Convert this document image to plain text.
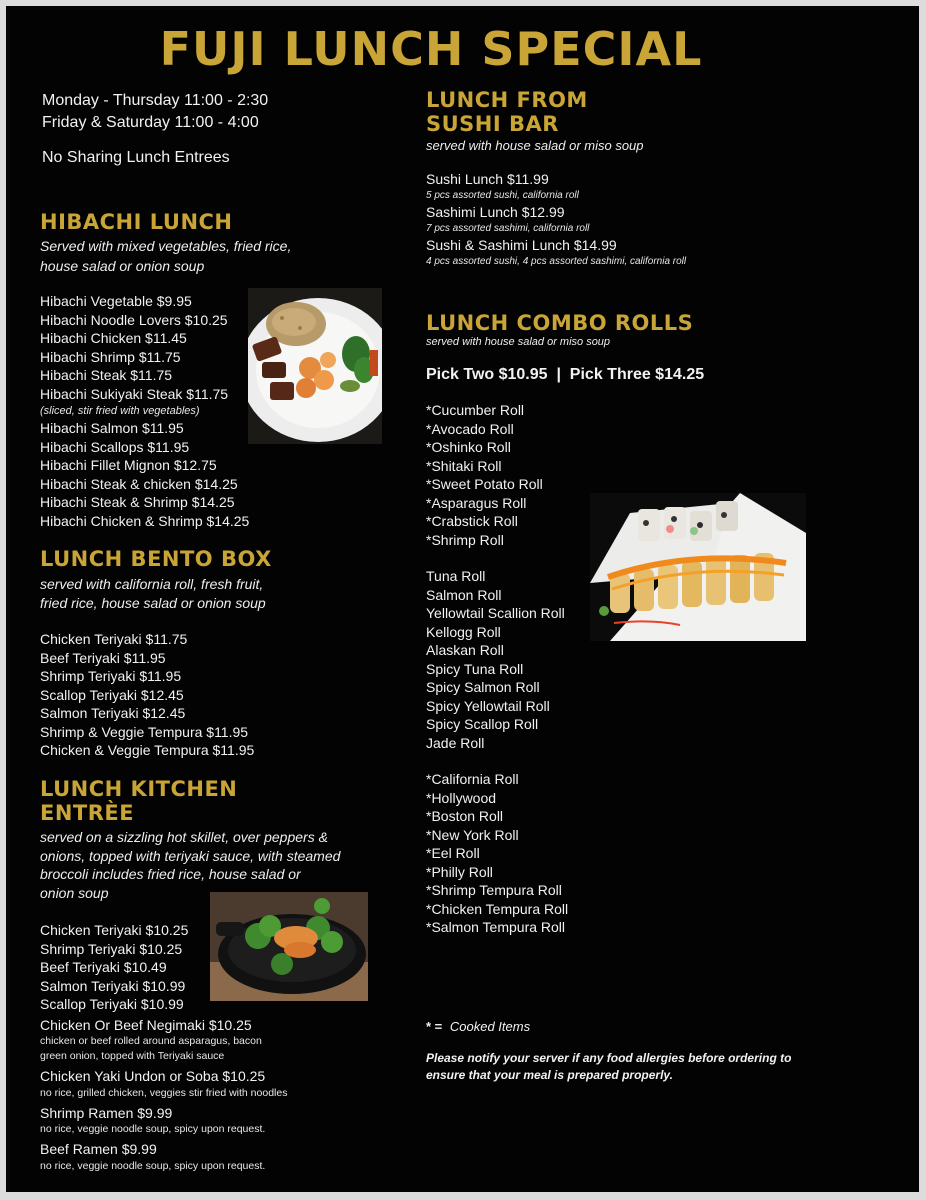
FUJI LUNCH SPECIAL
Monday - Thursday 11:00 - 2:30
Friday & Saturday 11:00 - 4:00
No Sharing Lunch Entrees
HIBACHI LUNCH
Served with mixed vegetables, fried rice,
house salad or onion soup
Hibachi Vegetable $9.95
Hibachi Noodle Lovers $10.25
Hibachi Chicken $11.45
Hibachi Shrimp $11.75
Hibachi Steak $11.75
Hibachi Sukiyaki Steak $11.75
(sliced, stir fried with vegetables)
Hibachi Salmon $11.95
Hibachi Scallops $11.95
Hibachi Fillet Mignon $12.75
Hibachi Steak & chicken $14.25
Hibachi Steak & Shrimp $14.25
Hibachi Chicken & Shrimp $14.25
LUNCH BENTO BOX
served with california roll, fresh fruit,
fried rice, house salad or onion soup
Chicken Teriyaki $11.75
Beef Teriyaki $11.95
Shrimp Teriyaki $11.95
Scallop Teriyaki $12.45
Salmon Teriyaki $12.45
Shrimp & Veggie Tempura $11.95
Chicken & Veggie Tempura $11.95
LUNCH KITCHEN
ENTRÈE
served on a sizzling hot skillet, over peppers &
onions, topped with teriyaki sauce, with steamed
broccoli includes fried rice, house salad or
onion soup
Chicken Teriyaki $10.25
Shrimp Teriyaki $10.25
Beef Teriyaki $10.49
Salmon Teriyaki $10.99
Scallop Teriyaki $10.99
Chicken Or Beef Negimaki $10.25
chicken or beef rolled around asparagus, bacon
green onion, topped with Teriyaki sauce
Chicken Yaki Undon or Soba $10.25
no rice, grilled chicken, veggies stir fried with noodles
Shrimp Ramen $9.99
no rice, veggie noodle soup, spicy upon request.
Beef Ramen $9.99
no rice, veggie noodle soup, spicy upon request.
LUNCH FROM
SUSHI BAR
served with house salad or miso soup
Sushi Lunch $11.99
5 pcs assorted sushi, california roll
Sashimi Lunch $12.99
7 pcs assorted sashimi, california roll
Sushi & Sashimi Lunch $14.99
4 pcs assorted sushi, 4 pcs assorted sashimi, california roll
LUNCH COMBO ROLLS
served with house salad or miso soup
Pick Two $10.95  |  Pick Three $14.25
*Cucumber Roll
*Avocado Roll
*Oshinko Roll
*Shitaki Roll
*Sweet Potato Roll
*Asparagus Roll
*Crabstick Roll
*Shrimp Roll
Tuna Roll
Salmon Roll
Yellowtail Scallion Roll
Kellogg Roll
Alaskan Roll
Spicy Tuna Roll
Spicy Salmon Roll
Spicy Yellowtail Roll
Spicy Scallop Roll
Jade Roll
*California Roll
*Hollywood
*Boston Roll
*New York Roll
*Eel Roll
*Philly Roll
*Shrimp Tempura Roll
*Chicken Tempura Roll
*Salmon Tempura Roll
* = Cooked Items
Please notify your server if any food allergies before ordering to
ensure that your meal is prepared properly.
